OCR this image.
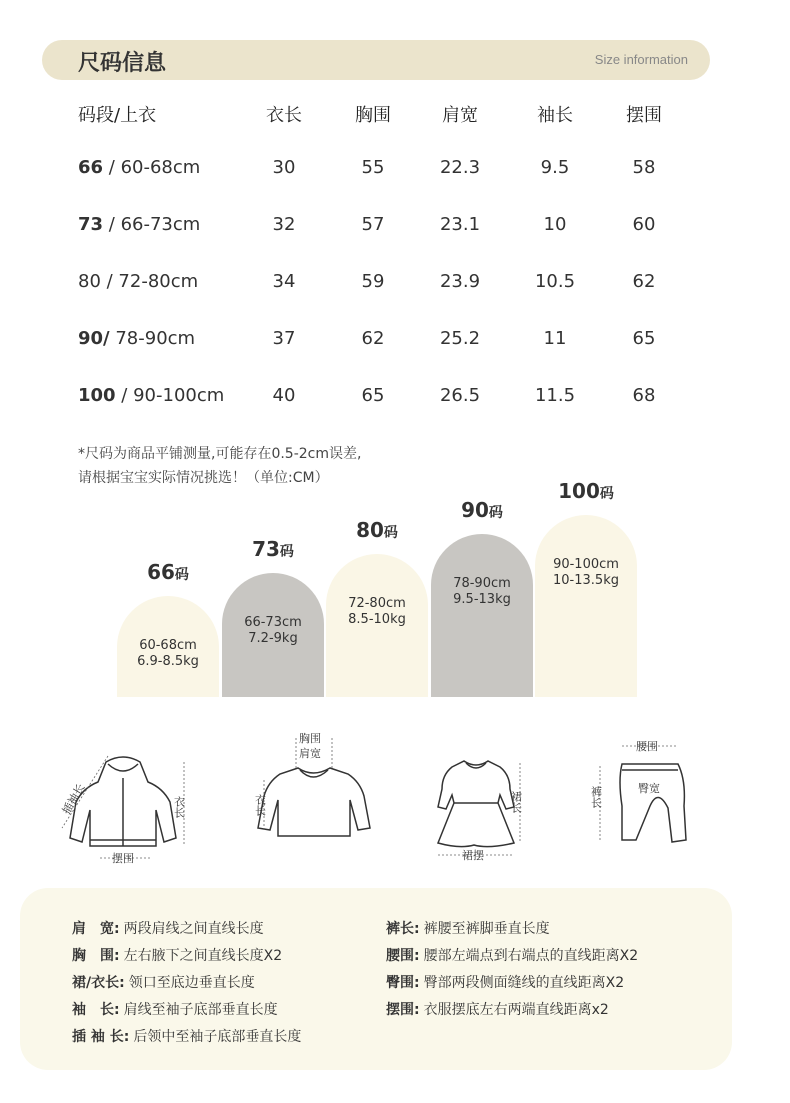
尺码信息	Size information
码段/上衣	衣长	胸围	肩宽	袖长	摆围
66 / 60-68cm	30	55	22.3	9.5	58
73 / 66-73cm	32	57	23.1	10	60
80 / 72-80cm	34	59	23.9	10.5	62
90/ 78-90cm	37	62	25.2	11	65
100 / 90-100cm	40	65	26.5	11.5	68
*尺码为商品平铺测量,可能存在0.5-2cm误差,
请根据宝宝实际情况挑选！（单位:CM）
60-68cm
6.9-8.5kg
66码
66-73cm
7.2-9kg
73码
72-80cm
8.5-10kg
80码
78-90cm
9.5-13kg
90码
90-100cm
10-13.5kg
100码
插袖长	衣长
摆围
胸围
肩宽
衣长	裙长
裙摆
腰围
臀宽
裤长
肩　宽: 两段肩线之间直线长度
胸　围: 左右腋下之间直线长度X2
裙/衣长: 领口至底边垂直长度
袖　长: 肩线至袖子底部垂直长度
插 袖 长: 后领中至袖子底部垂直长度
裤长: 裤腰至裤脚垂直长度
腰围: 腰部左端点到右端点的直线距离X2
臀围: 臀部两段侧面缝线的直线距离X2
摆围: 衣服摆底左右两端直线距离x2
